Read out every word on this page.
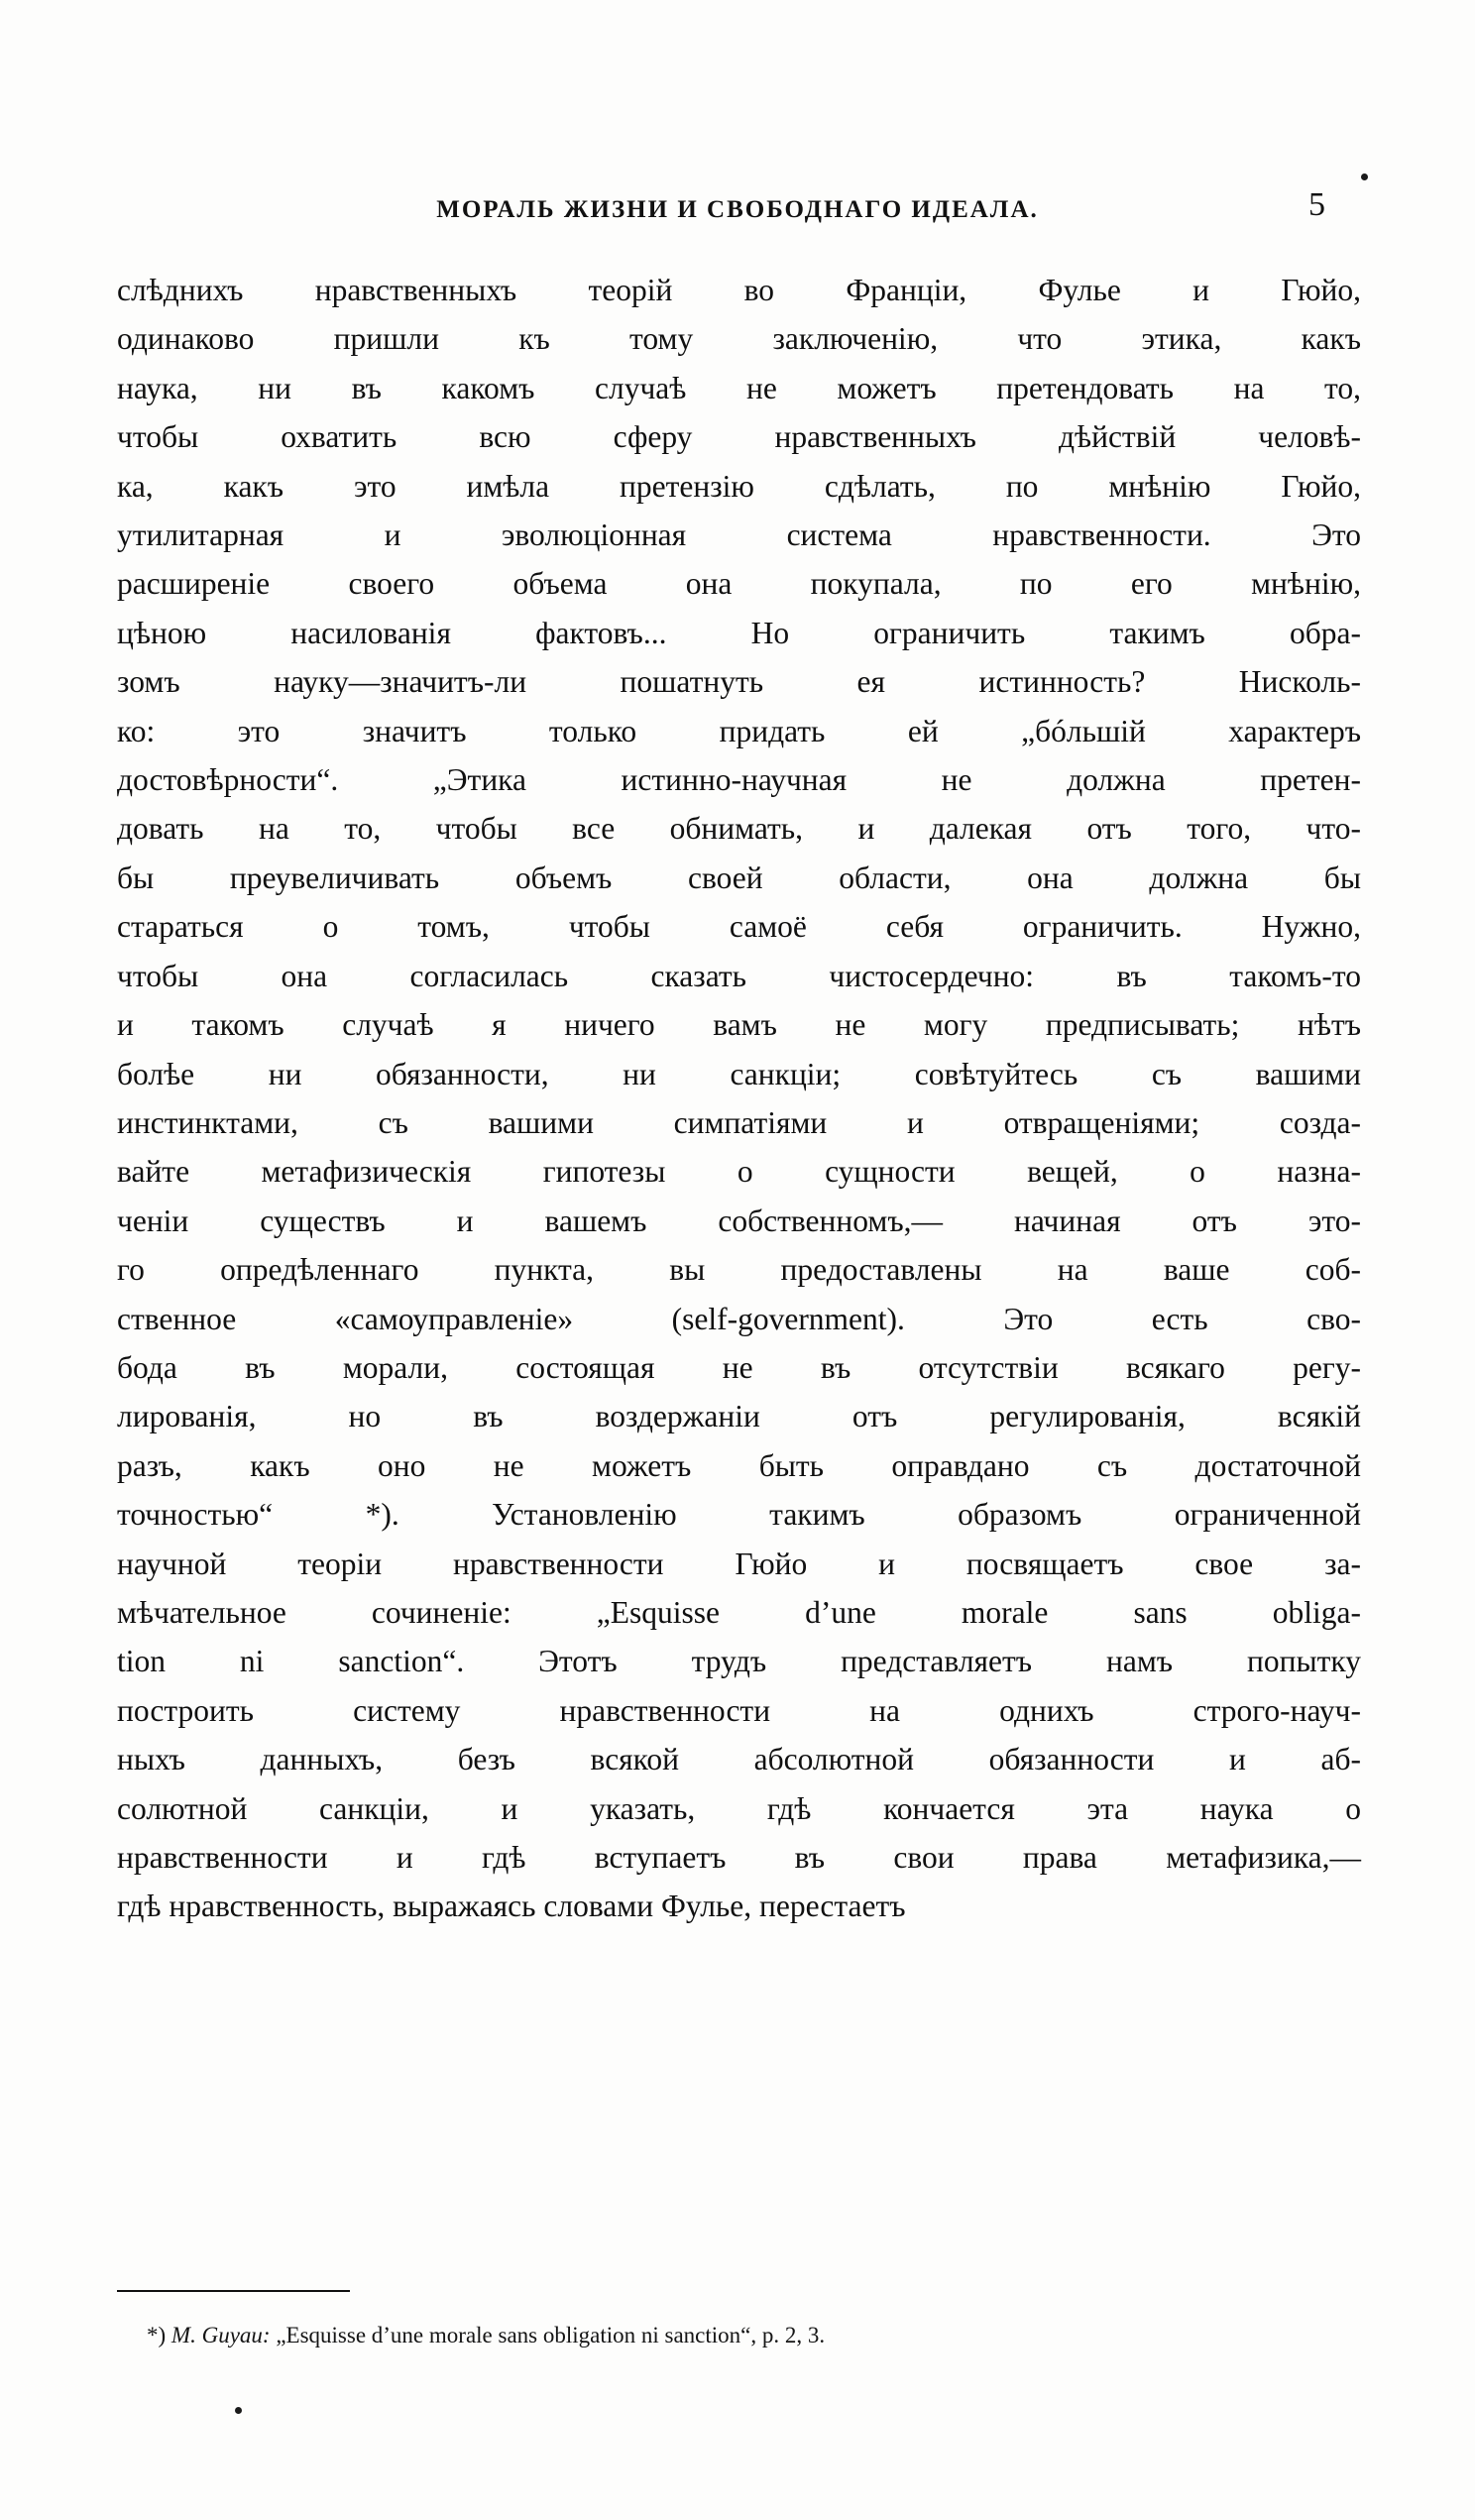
МОРАЛЬ ЖИЗНИ И СВОБОДНАГО ИДЕАЛА.	5

слѣднихъ нравственныхъ теорій во Франціи, Фулье и Гюйо,
одинаково пришли къ тому заключенію, что этика, какъ
наука, ни въ какомъ случаѣ не можетъ претендовать на то,
чтобы охватить всю сферу нравственныхъ дѣйствій человѣ-
ка, какъ это имѣла претензію сдѣлать, по мнѣнію Гюйо,
утилитарная и эволюціонная система нравственности. Это
расширеніе своего объема она покупала, по его мнѣнію,
цѣною насилованія фактовъ... Но ограничить такимъ обра-
зомъ науку—значитъ-ли пошатнуть ея истинность? Нисколь-
ко: это значитъ только придать ей „бóльшій характеръ
достовѣрности“. „Этика истинно-научная не должна претен-
довать на то, чтобы все обнимать, и далекая отъ того, что-
бы преувеличивать объемъ своей области, она должна бы
стараться о томъ, чтобы самоё себя ограничить. Нужно,
чтобы она согласилась сказать чистосердечно: въ такомъ-то
и такомъ случаѣ я ничего вамъ не могу предписывать; нѣтъ
болѣе ни обязанности, ни санкціи; совѣтуйтесь съ вашими
инстинктами, съ вашими симпатіями и отвращеніями; созда-
вайте метафизическія гипотезы о сущности вещей, о назна-
ченіи существъ и вашемъ собственномъ,— начиная отъ это-
го опредѣленнаго пункта, вы предоставлены на ваше соб-
ственное «самоуправленіе» (self-government). Это есть сво-
бода въ морали, состоящая не въ отсутствіи всякаго регу-
лированія, но въ воздержаніи отъ регулированія, всякій
разъ, какъ оно не можетъ быть оправдано съ достаточной
точностью“ *). Установленію такимъ образомъ ограниченной
научной теоріи нравственности Гюйо и посвящаетъ свое за-
мѣчательное сочиненіе: „Esquisse d’une morale sans obliga-
tion ni sanction“. Этотъ трудъ представляетъ намъ попытку
построить систему нравственности на однихъ строго-науч-
ныхъ данныхъ, безъ всякой абсолютной обязанности и аб-
солютной санкціи, и указать, гдѣ кончается эта наука о
нравственности и гдѣ вступаетъ въ свои права метафизика,—
гдѣ нравственность, выражаясь словами Фулье, перестаетъ

*) M. Guyau: „Esquisse d’une morale sans obligation ni sanction“, p. 2, 3.
